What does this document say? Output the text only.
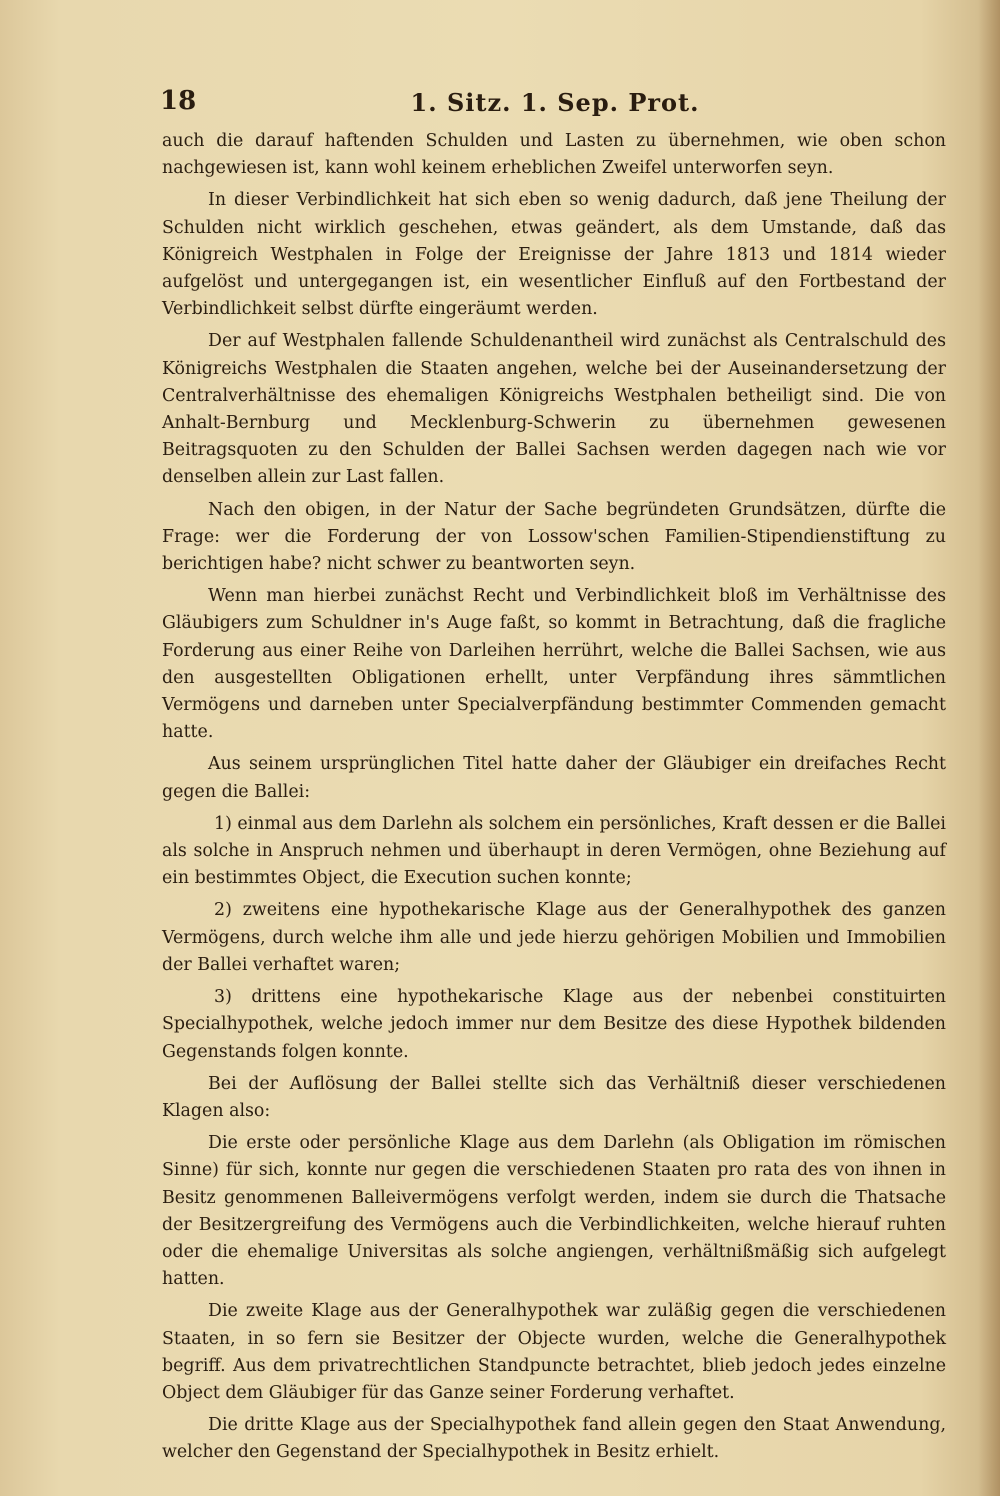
18	1. Sitz. 1. Sep. Prot.

auch die darauf haftenden Schulden und Lasten zu übernehmen, wie oben schon nachgewiesen ist, kann wohl keinem erheblichen Zweifel unterworfen seyn.

In dieser Verbindlichkeit hat sich eben so wenig dadurch, daß jene Theilung der Schulden nicht wirklich geschehen, etwas geändert, als dem Umstande, daß das Königreich Westphalen in Folge der Ereignisse der Jahre 1813 und 1814 wieder aufgelöst und untergegangen ist, ein wesentlicher Einfluß auf den Fortbestand der Verbindlichkeit selbst dürfte eingeräumt werden.

Der auf Westphalen fallende Schuldenantheil wird zunächst als Centralschuld des Königreichs Westphalen die Staaten angehen, welche bei der Auseinandersetzung der Centralverhältnisse des ehemaligen Königreichs Westphalen betheiligt sind. Die von Anhalt-Bernburg und Mecklenburg-Schwerin zu übernehmen gewesenen Beitragsquoten zu den Schulden der Ballei Sachsen werden dagegen nach wie vor denselben allein zur Last fallen.

Nach den obigen, in der Natur der Sache begründeten Grundsätzen, dürfte die Frage: wer die Forderung der von Lossow'schen Familien-Stipendienstiftung zu berichtigen habe? nicht schwer zu beantworten seyn.

Wenn man hierbei zunächst Recht und Verbindlichkeit bloß im Verhältnisse des Gläubigers zum Schuldner in's Auge faßt, so kommt in Betrachtung, daß die fragliche Forderung aus einer Reihe von Darleihen herrührt, welche die Ballei Sachsen, wie aus den ausgestellten Obligationen erhellt, unter Verpfändung ihres sämmtlichen Vermögens und darneben unter Specialverpfändung bestimmter Commenden gemacht hatte.

Aus seinem ursprünglichen Titel hatte daher der Gläubiger ein dreifaches Recht gegen die Ballei:

1) einmal aus dem Darlehn als solchem ein persönliches, Kraft dessen er die Ballei als solche in Anspruch nehmen und überhaupt in deren Vermögen, ohne Beziehung auf ein bestimmtes Object, die Execution suchen konnte;

2) zweitens eine hypothekarische Klage aus der Generalhypothek des ganzen Vermögens, durch welche ihm alle und jede hierzu gehörigen Mobilien und Immobilien der Ballei verhaftet waren;

3) drittens eine hypothekarische Klage aus der nebenbei constituirten Specialhypothek, welche jedoch immer nur dem Besitze des diese Hypothek bildenden Gegenstands folgen konnte.

Bei der Auflösung der Ballei stellte sich das Verhältniß dieser verschiedenen Klagen also:

Die erste oder persönliche Klage aus dem Darlehn (als Obligation im römischen Sinne) für sich, konnte nur gegen die verschiedenen Staaten pro rata des von ihnen in Besitz genommenen Balleivermögens verfolgt werden, indem sie durch die Thatsache der Besitzergreifung des Vermögens auch die Verbindlichkeiten, welche hierauf ruhten oder die ehemalige Universitas als solche angiengen, verhältnißmäßig sich aufgelegt hatten.

Die zweite Klage aus der Generalhypothek war zuläßig gegen die verschiedenen Staaten, in so fern sie Besitzer der Objecte wurden, welche die Generalhypothek begriff. Aus dem privatrechtlichen Standpuncte betrachtet, blieb jedoch jedes einzelne Object dem Gläubiger für das Ganze seiner Forderung verhaftet.

Die dritte Klage aus der Specialhypothek fand allein gegen den Staat Anwendung, welcher den Gegenstand der Specialhypothek in Besitz erhielt.
